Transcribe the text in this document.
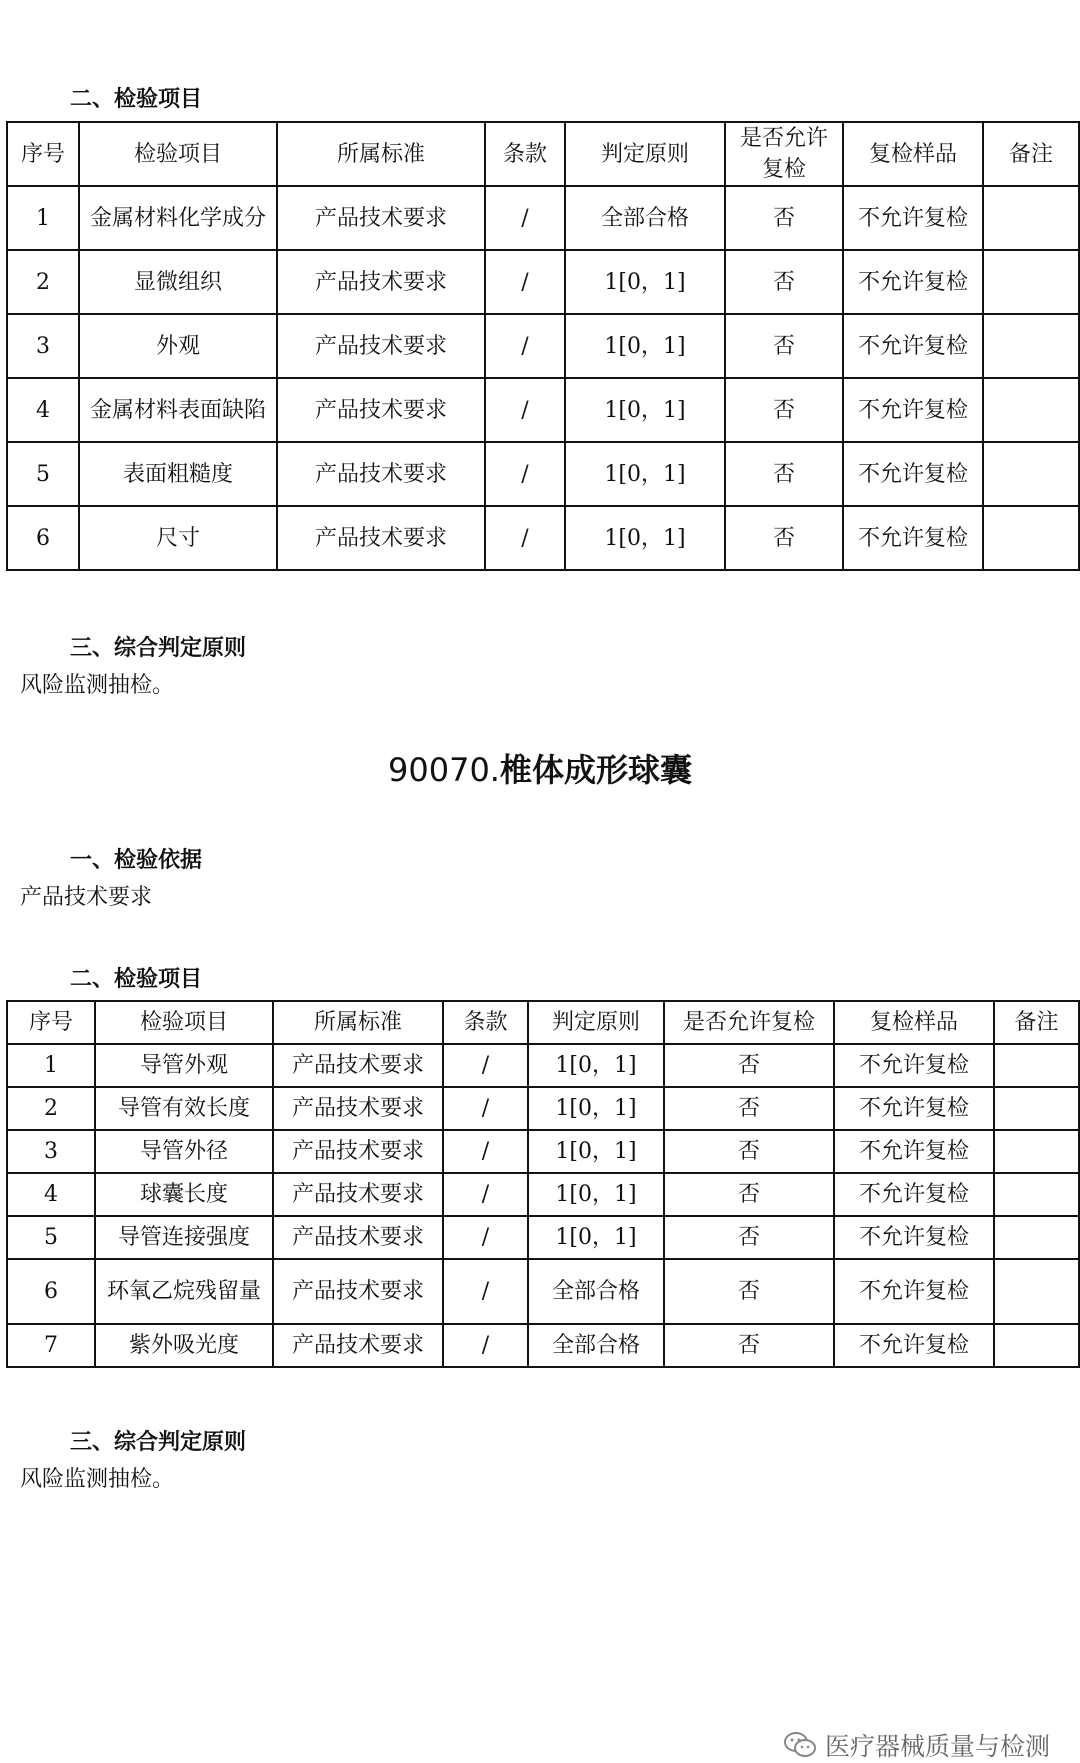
二、检验项目
序号	检验项目	所属标准	条款	判定原则	是否允许复检	复检样品	备注
1	金属材料化学成分	产品技术要求	/	全部合格	否	不允许复检	
2	显微组织	产品技术要求	/	1[0，1]	否	不允许复检	
3	外观	产品技术要求	/	1[0，1]	否	不允许复检	
4	金属材料表面缺陷	产品技术要求	/	1[0，1]	否	不允许复检	
5	表面粗糙度	产品技术要求	/	1[0，1]	否	不允许复检	
6	尺寸	产品技术要求	/	1[0，1]	否	不允许复检	
三、综合判定原则
风险监测抽检。
90070.椎体成形球囊
一、检验依据
产品技术要求
二、检验项目
序号	检验项目	所属标准	条款	判定原则	是否允许复检	复检样品	备注
1	导管外观	产品技术要求	/	1[0，1]	否	不允许复检	
2	导管有效长度	产品技术要求	/	1[0，1]	否	不允许复检	
3	导管外径	产品技术要求	/	1[0，1]	否	不允许复检	
4	球囊长度	产品技术要求	/	1[0，1]	否	不允许复检	
5	导管连接强度	产品技术要求	/	1[0，1]	否	不允许复检	
6	环氧乙烷残留量	产品技术要求	/	全部合格	否	不允许复检	
7	紫外吸光度	产品技术要求	/	全部合格	否	不允许复检	
三、综合判定原则
风险监测抽检。
医疗器械质量与检测
